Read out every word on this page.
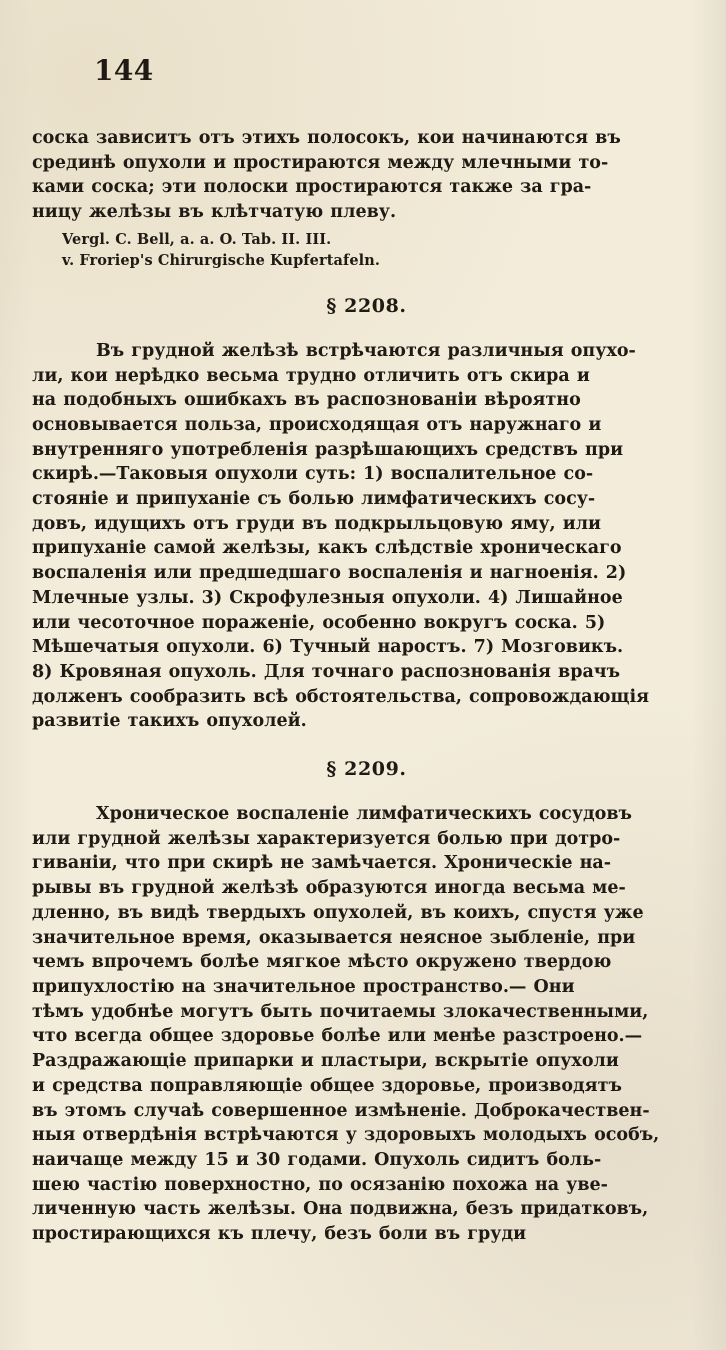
144

соска зависитъ отъ этихъ полосокъ, кои начинаются въ
срединѣ опухоли и простираются между млечными то-
ками соска; эти полоски простираются также за гра-
ницу желѣзы въ клѣтчатую плеву.

Vergl. C. Bell, a. a. O. Tab. II. III.
v. Froriep's Chirurgische Kupfertafeln.
§ 2208.

Въ грудной желѣзѣ встрѣчаются различныя опухо-
ли, кои нерѣдко весьма трудно отличить отъ скира и
на подобныхъ ошибкахъ въ распознованіи вѣроятно
основывается польза, происходящая отъ наружнаго и
внутренняго употребленія разрѣшающихъ средствъ при
скирѣ.—Таковыя опухоли суть: 1) воспалительное со-
стояніе и припуханіе съ болью лимфатическихъ сосу-
довъ, идущихъ отъ груди въ подкрыльцовую яму, или
припуханіе самой желѣзы, какъ слѣдствіе хроническаго
воспаленія или предшедшаго воспаленія и нагноенія. 2)
Млечные узлы. 3) Скрофулезныя опухоли. 4) Лишайное
или чесоточное пораженіе, особенно вокругъ соска. 5)
Мѣшечатыя опухоли. 6) Тучный наростъ. 7) Мозговикъ.
8) Кровяная опухоль. Для точнаго распознованія врачъ
долженъ сообразить всѣ обстоятельства, сопровождающія
развитіе такихъ опухолей.

§ 2209.

Хроническое воспаленіе лимфатическихъ сосудовъ
или грудной желѣзы характеризуется болью при дотро-
гиваніи, что при скирѣ не замѣчается. Хроническіе на-
рывы въ грудной желѣзѣ образуются иногда весьма ме-
дленно, въ видѣ твердыхъ опухолей, въ коихъ, спустя уже
значительное время, оказывается неясное зыбленіе, при
чемъ впрочемъ болѣе мягкое мѣсто окружено твердою
припухлостію на значительное пространство.— Они
тѣмъ удобнѣе могутъ быть почитаемы злокачественными,
что всегда общее здоровье болѣе или менѣе разстроено.—
Раздражающіе припарки и пластыри, вскрытіе опухоли
и средства поправляющіе общее здоровье, производятъ
въ этомъ случаѣ совершенное измѣненіе. Доброкачествен-
ныя отвердѣнія встрѣчаются у здоровыхъ молодыхъ особъ,
наичаще между 15 и 30 годами. Опухоль сидитъ боль-
шею частію поверхностно, по осязанію похожа на уве-
личенную часть желѣзы. Она подвижна, безъ придатковъ,
простирающихся къ плечу, безъ боли въ груди
